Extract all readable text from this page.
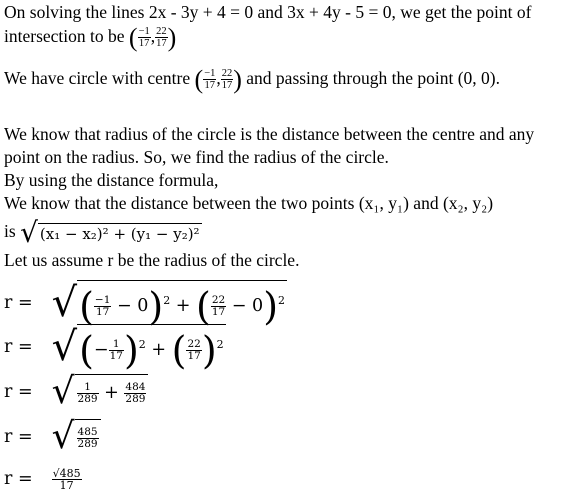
On solving the lines 2x - 3y + 4 = 0 and 3x + 4y - 5 = 0, we get the point of
intersection to be ( $\frac{-1}{17}$ , $\frac{22}{17}$ )
We have circle with centre ( $\frac{-1}{17}$ , $\frac{22}{17}$ ) and passing through the point (0, 0).
We know that radius of the circle is the distance between the centre and any
point on the radius. So, we find the radius of the circle.
By using the distance formula,
We know that the distance between the two points (x₁, y₁) and (x₂, y₂)
is √ (x₁ − x₂)² + (y₁ − y₂)²
Let us assume r be the radius of the circle.
r = √( $\frac{-1}{17} - 0)^2$ + ( $\frac{22}{17} - 0)^2$
r = √(− $\frac{1}{17} )^2$ + ( $\frac{22}{17} )^2$
r = √ $\frac{1}{289} + \frac{484}{289}$
r = √ $\frac{485}{289}$
$r = \frac{√485}{17}$
